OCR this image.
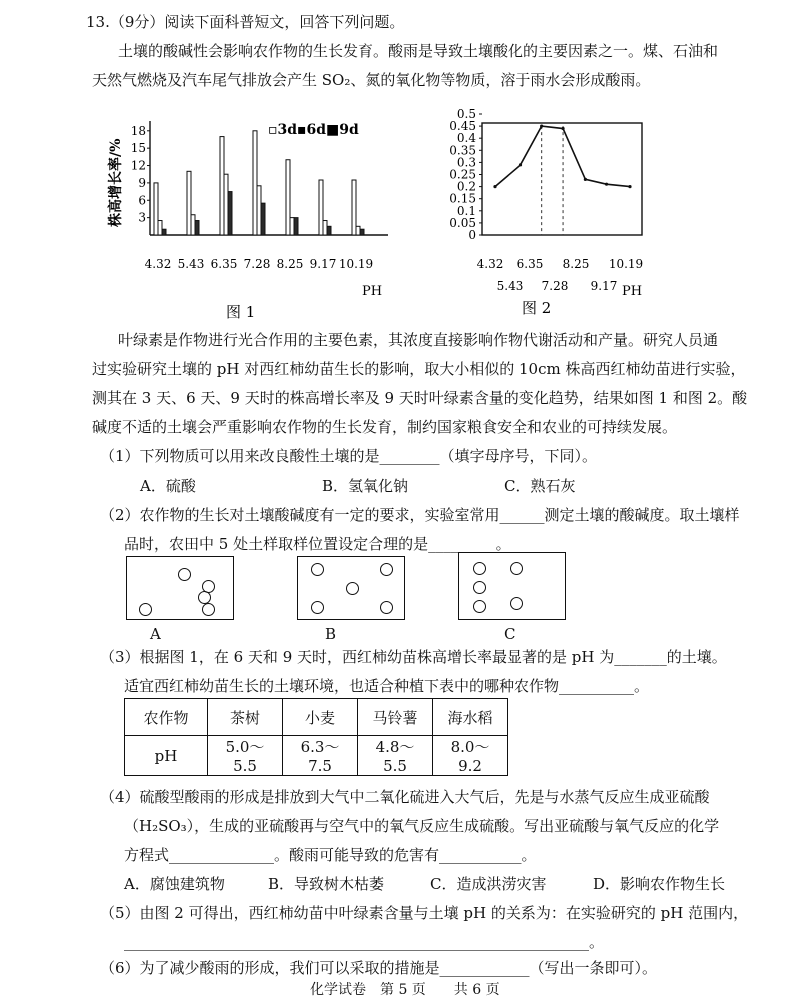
13.（9分）阅读下面科普短文，回答下列问题。
土壤的酸碱性会影响农作物的生长发育。酸雨是导致土壤酸化的主要因素之一。煤、石油和
天然气燃烧及汽车尾气排放会产生 SO₂、氮的氧化物等物质，溶于雨水会形成酸雨。
18
15
12
9
6
3
株高增长率/%
▫3d▪6d■9d
4.32 5.43 6.35 7.28 8.25 9.17 10.19
PH
图 1
0.5
0.45
0.4
0.35
0.3
0.25
0.2
0.15
0.1
0.05
0
4.32 6.35 8.25 10.19
5.43 7.28 9.17 PH
图 2
叶绿素是作物进行光合作用的主要色素，其浓度直接影响作物代谢活动和产量。研究人员通
过实验研究土壤的 pH 对西红柿幼苗生长的影响，取大小相似的 10cm 株高西红柿幼苗进行实验，
测其在 3 天、6 天、9 天时的株高增长率及 9 天时叶绿素含量的变化趋势，结果如图 1 和图 2。酸
碱度不适的土壤会严重影响农作物的生长发育，制约国家粮食安全和农业的可持续发展。
（1）下列物质可以用来改良酸性土壤的是________（填字母序号，下同）。
A．硫酸	B．氢氧化钠	C．熟石灰
（2）农作物的生长对土壤酸碱度有一定的要求，实验室常用______测定土壤的酸碱度。取土壤样
品时，农田中 5 处土样取样位置设定合理的是_________。
A	B	C
（3）根据图 1，在 6 天和 9 天时，西红柿幼苗株高增长率最显著的是 pH 为_______的土壤。
适宜西红柿幼苗生长的土壤环境，也适合种植下表中的哪种农作物__________。
农作物	茶树	小麦	马铃薯	海水稻
pH	5.0～5.5	6.3～7.5	4.8～5.5	8.0～9.2
（4）硫酸型酸雨的形成是排放到大气中二氧化硫进入大气后，先是与水蒸气反应生成亚硫酸
（H₂SO₃），生成的亚硫酸再与空气中的氧气反应生成硫酸。写出亚硫酸与氧气反应的化学
方程式______________。酸雨可能导致的危害有___________。
A．腐蚀建筑物	B．导致树木枯萎	C．造成洪涝灾害	D．影响农作物生长
（5）由图 2 可得出，西红柿幼苗中叶绿素含量与土壤 pH 的关系为：在实验研究的 pH 范围内，
______________________________________________________________。
（6）为了减少酸雨的形成，我们可以采取的措施是____________（写出一条即可）。
化学试卷　第 5 页　　共 6 页
